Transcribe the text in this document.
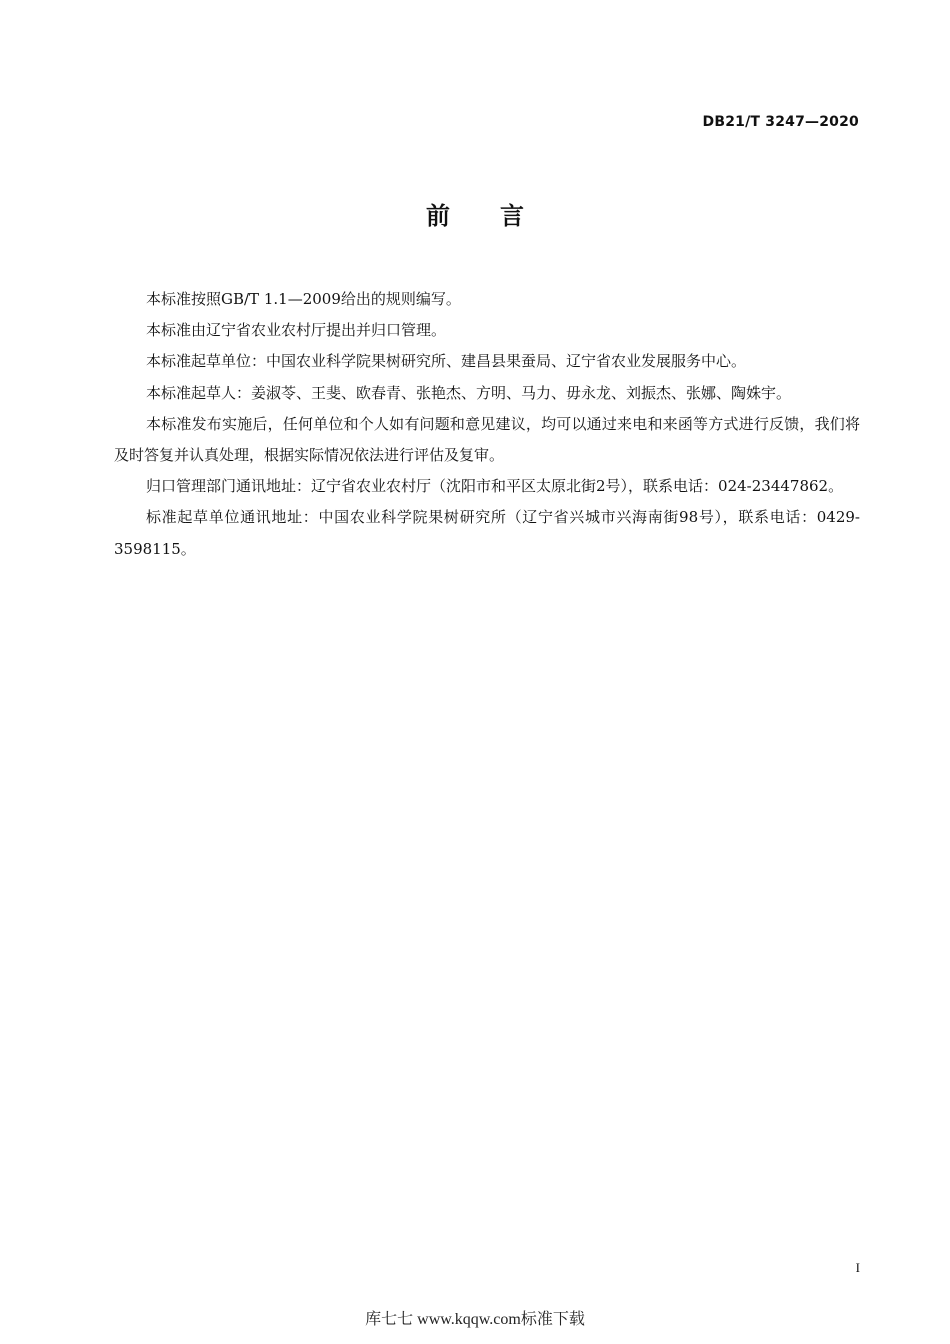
DB21/T 3247—2020
前言

本标准按照GB/T 1.1—2009给出的规则编写。

本标准由辽宁省农业农村厅提出并归口管理。

本标准起草单位：中国农业科学院果树研究所、建昌县果蚕局、辽宁省农业发展服务中心。

本标准起草人：姜淑苓、王斐、欧春青、张艳杰、方明、马力、毋永龙、刘振杰、张娜、陶姝宇。

本标准发布实施后，任何单位和个人如有问题和意见建议，均可以通过来电和来函等方式进行反馈，我们将及时答复并认真处理，根据实际情况依法进行评估及复审。

归口管理部门通讯地址：辽宁省农业农村厅（沈阳市和平区太原北街2号），联系电话：024-23447862。

标准起草单位通讯地址：中国农业科学院果树研究所（辽宁省兴城市兴海南街98号），联系电话：0429-3598115。

I
库七七 www.kqqw.com标准下载
